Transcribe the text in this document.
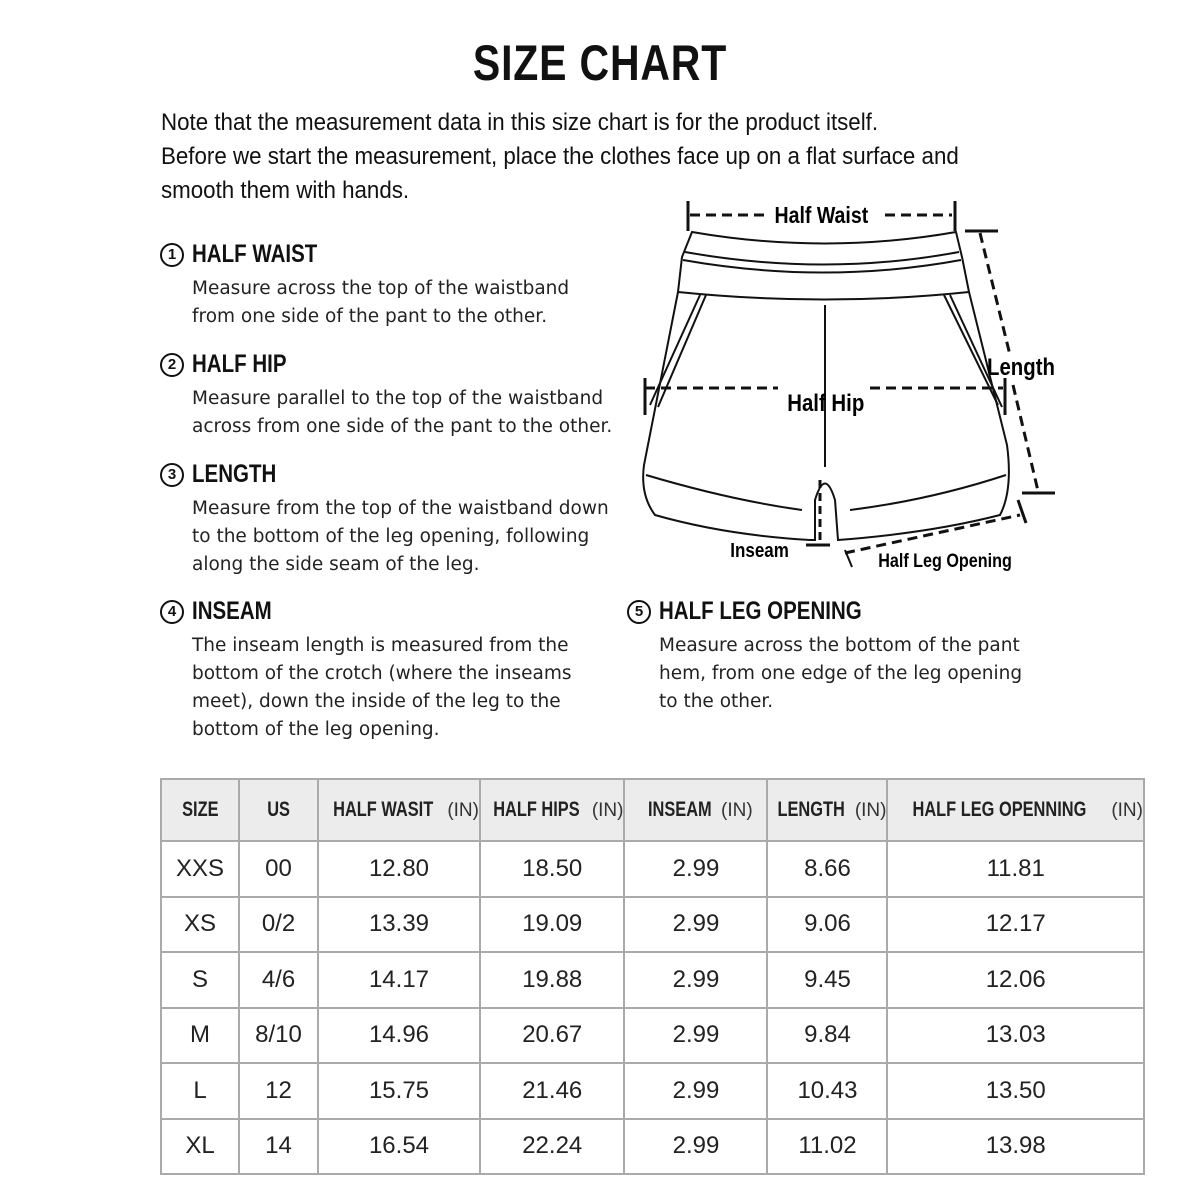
SIZE CHART
Note that the measurement data in this size chart is for the product itself.
Before we start the measurement, place the clothes face up on a flat surface and
smooth them with hands.
1 HALF WAIST
Measure across the top of the waistband
from one side of the pant to the other.
2 HALF HIP
Measure parallel to the top of the waistband
across from one side of the pant to the other.
3 LENGTH
Measure from the top of the waistband down
to the bottom of the leg opening, following
along the side seam of the leg.
4 INSEAM
The inseam length is measured from the
bottom of the crotch (where the inseams
meet), down the inside of the leg to the
bottom of the leg opening.
5 HALF LEG OPENING
Measure across the bottom of the pant
hem, from one edge of the leg opening
to the other.
Half Waist
Half Hip
Length
Inseam	Half Leg Opening
SIZE	US	HALF WASIT (IN)	HALF HIPS (IN)	INSEAM (IN)	LENGTH (IN)	HALF LEG OPENNING (IN)
XXS	00	12.80	18.50	2.99	8.66	11.81
XS	0/2	13.39	19.09	2.99	9.06	12.17
S	4/6	14.17	19.88	2.99	9.45	12.06
M	8/10	14.96	20.67	2.99	9.84	13.03
L	12	15.75	21.46	2.99	10.43	13.50
XL	14	16.54	22.24	2.99	11.02	13.98
